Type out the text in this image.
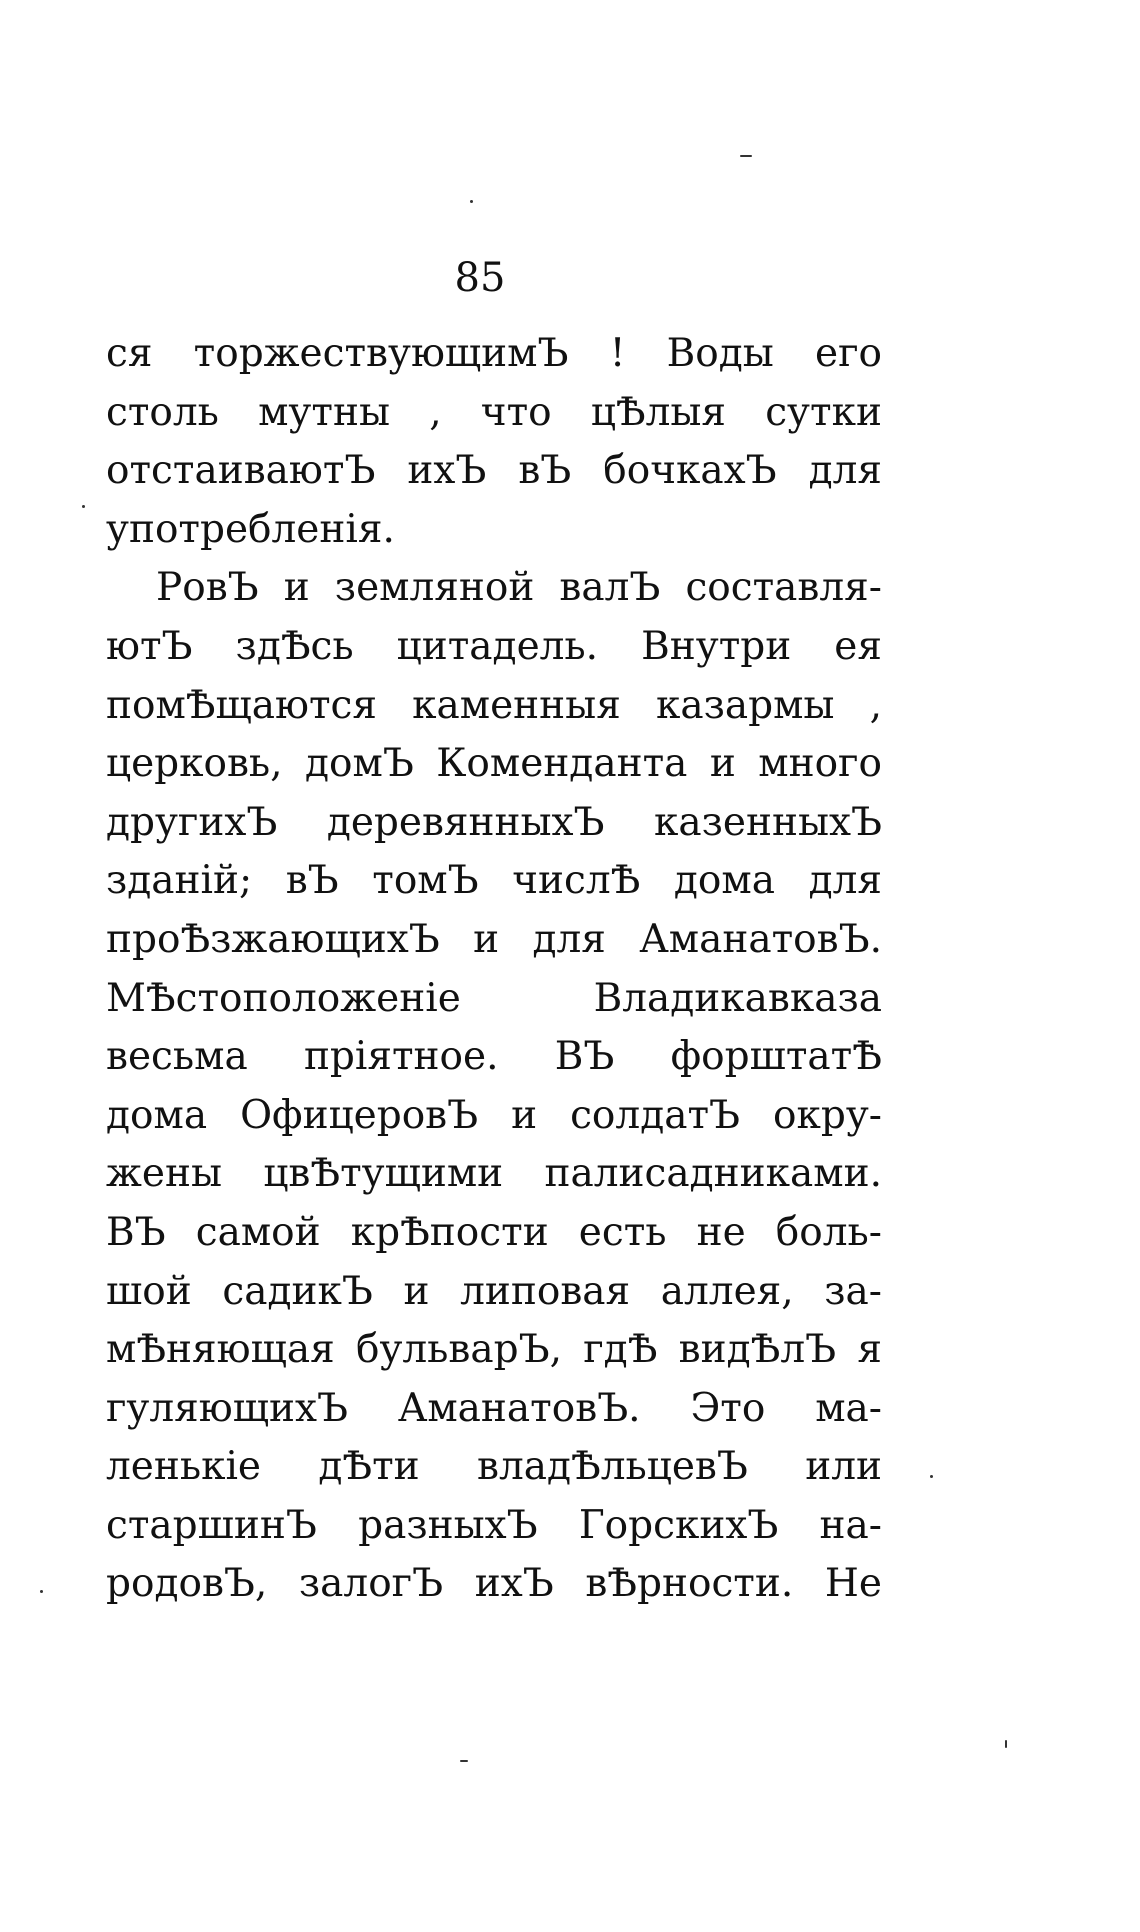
85
ся торжествующимЪ ! Воды его
столь мутны , что цѢлыя сутки
отстаиваютЪ ихЪ вЪ бочкахЪ для
употребленія.
РовЪ и земляной валЪ составля-
ютЪ здѢсь цитадель. Внутри ея
помѢщаются каменныя казармы ,
церковь, домЪ Коменданта и много
другихЪ деревянныхЪ казенныхЪ
зданій; вЪ томЪ числѢ дома для
проѢзжающихЪ и для АманатовЪ.
МѢстоположеніе	Владикавказа
весьма пріятное. ВЪ форштатѢ
дома ОфицеровЪ и солдатЪ окру-
жены цвѢтущими палисадниками.
ВЪ самой крѢпости есть не боль-
шой садикЪ и липовая аллея, за-
мѢняющая бульварЪ, гдѢ видѢлЪ я
гуляющихЪ АманатовЪ. Это ма-
ленькіе дѢти владѢльцевЪ или
старшинЪ разныхЪ ГорскихЪ на-
родовЪ, залогЪ ихЪ вѢрности. Не
